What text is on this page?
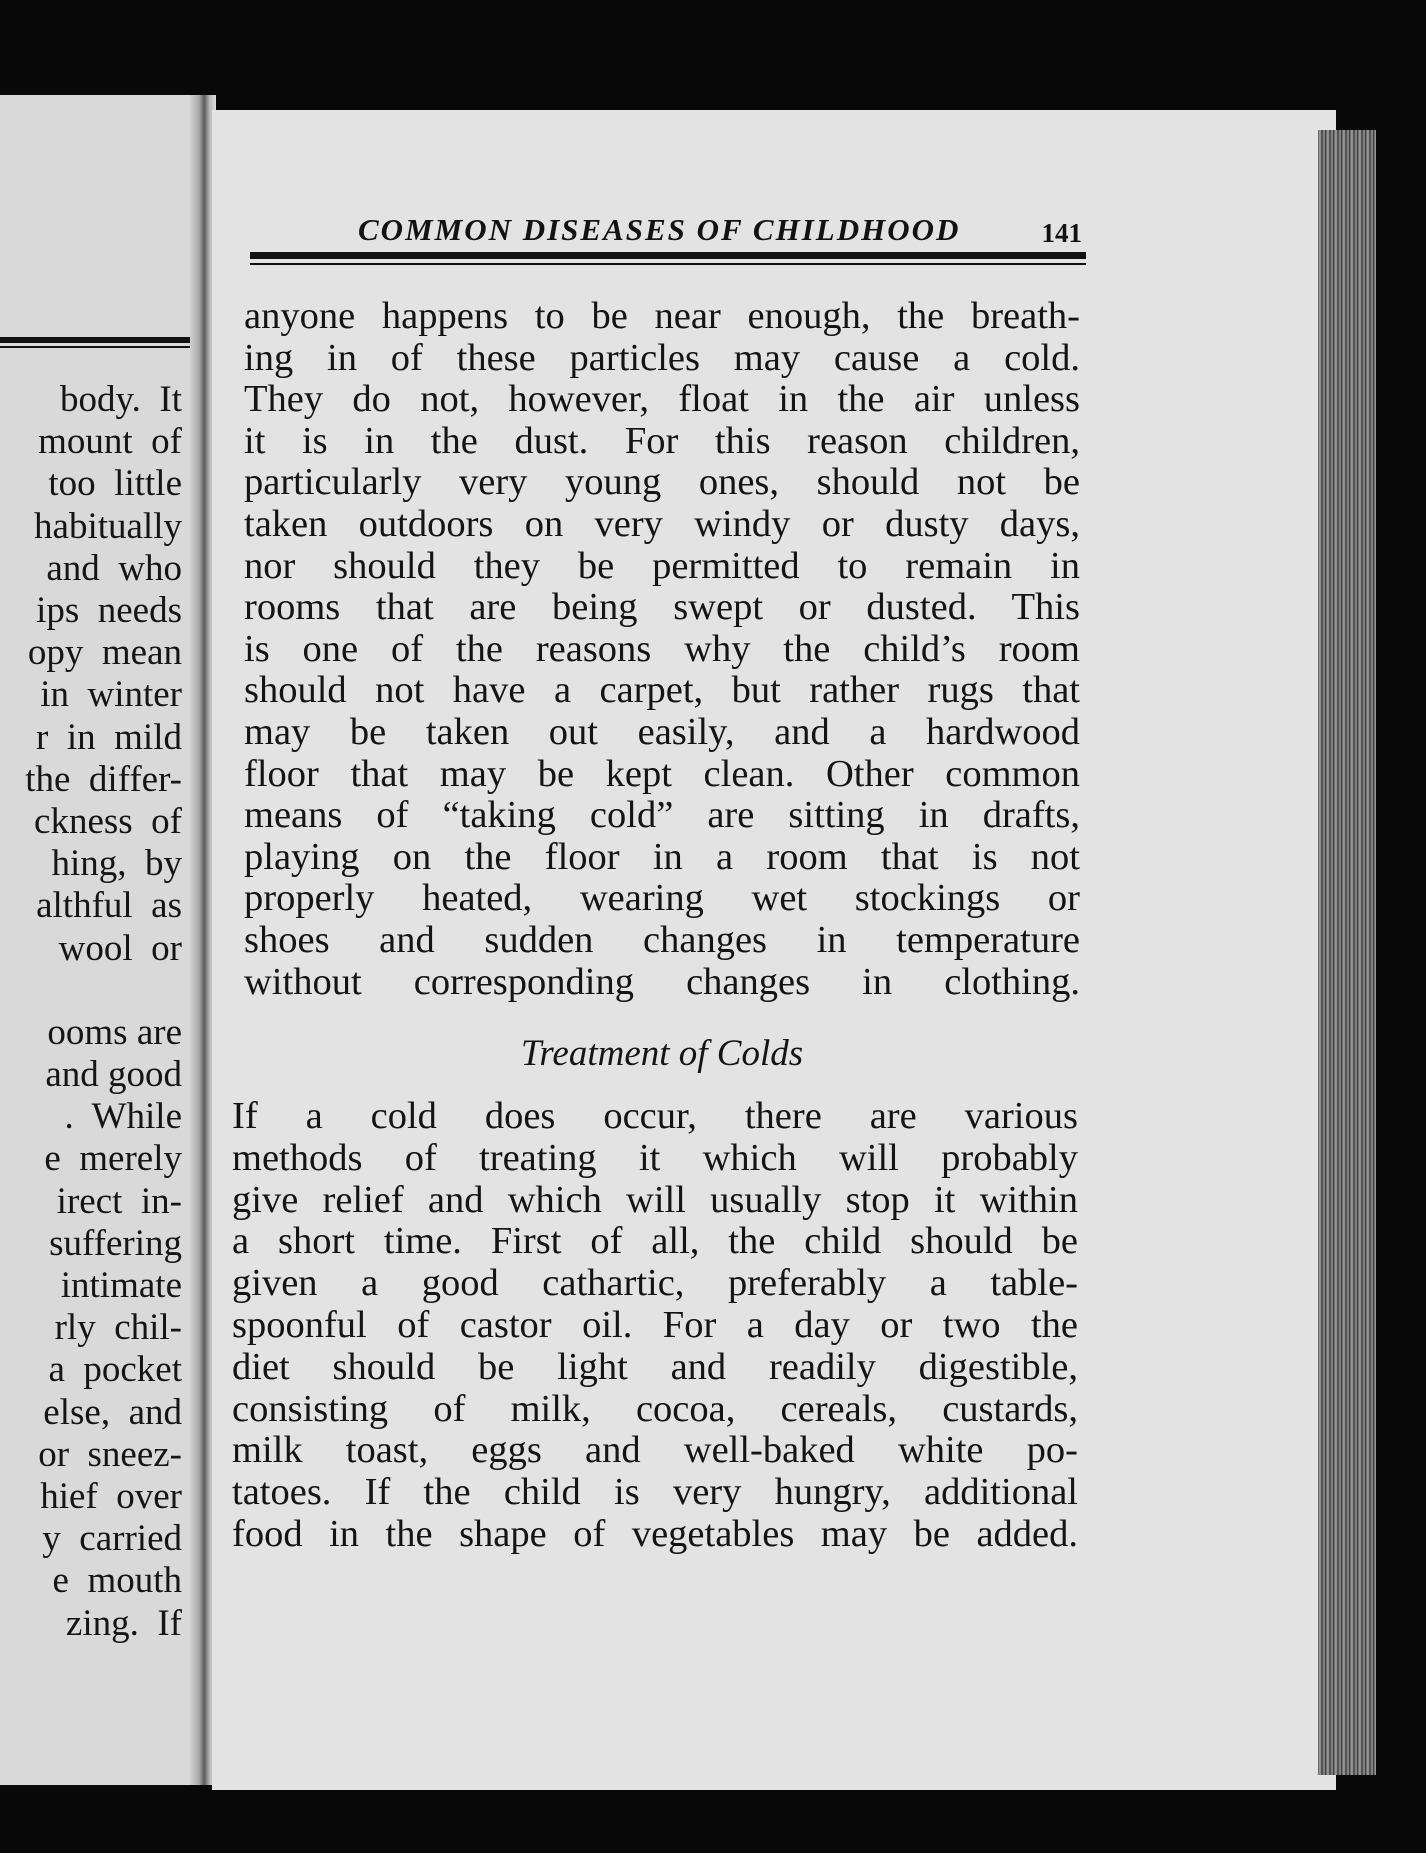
body.  It
mount  of
too  little
habitually
and  who
ips  needs
opy  mean
in  winter
r  in  mild
the  differ-
ckness  of
hing,  by
althful  as
wool  or
ooms are
and good
.  While
e  merely
irect  in-
suffering
intimate
rly  chil-
a  pocket
else,  and
or  sneez-
hief  over
y  carried
e  mouth
zing.  If
COMMON DISEASES OF CHILDHOOD	141
anyone happens to be near enough, the breath-
ing in of these particles may cause a cold.
They do not, however, float in the air unless
it is in the dust. For this reason children,
particularly very young ones, should not be
taken outdoors on very windy or dusty days,
nor should they be permitted to remain in
rooms that are being swept or dusted. This
is one of the reasons why the child’s room
should not have a carpet, but rather rugs that
may be taken out easily, and a hardwood
floor that may be kept clean. Other common
means of “taking cold” are sitting in drafts,
playing on the floor in a room that is not
properly heated, wearing wet stockings or
shoes and sudden changes in temperature
without corresponding changes in clothing.
Treatment of Colds
If a cold does occur, there are various
methods of treating it which will probably
give relief and which will usually stop it within
a short time. First of all, the child should be
given a good cathartic, preferably a table-
spoonful of castor oil. For a day or two the
diet should be light and readily digestible,
consisting of milk, cocoa, cereals, custards,
milk toast, eggs and well-baked white po-
tatoes. If the child is very hungry, additional
food in the shape of vegetables may be added.
